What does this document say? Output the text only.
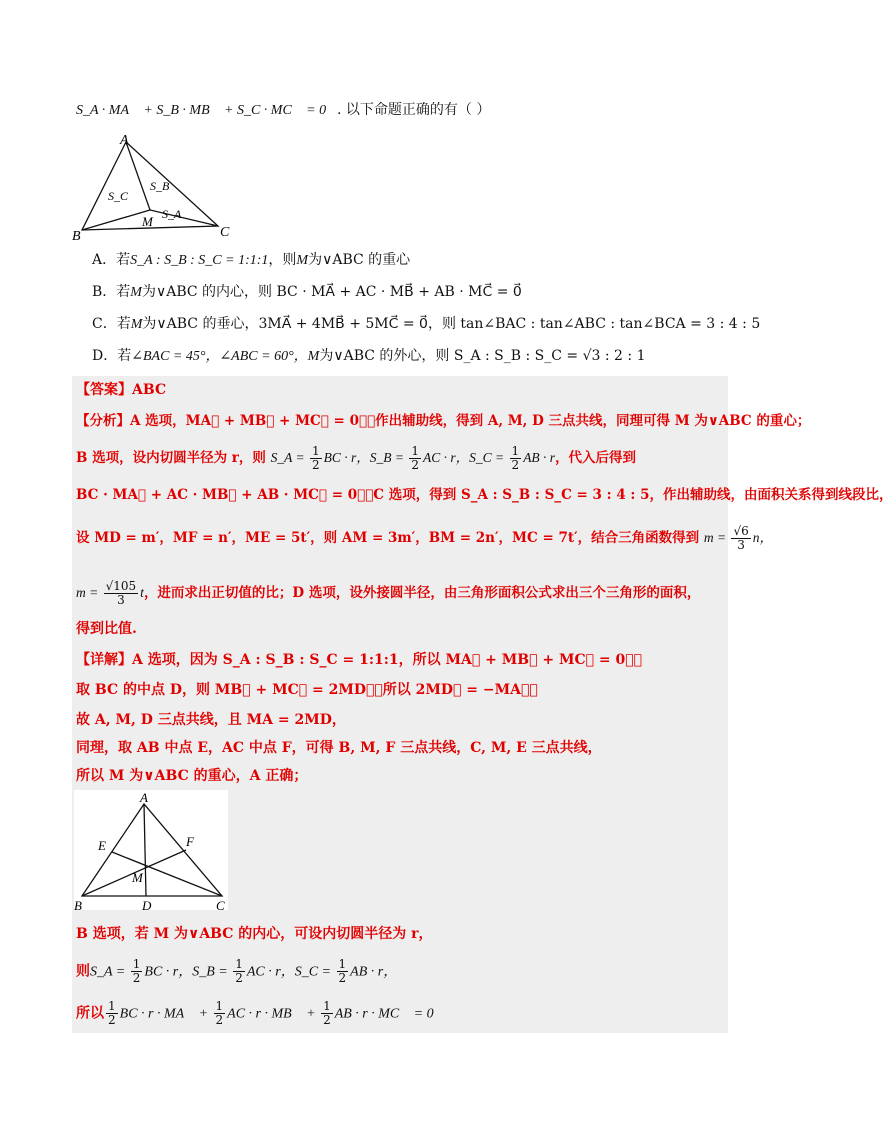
S_A · MA⃗ + S_B · MB⃗ + S_C · MC⃗ = 0⃗. 以下命题正确的有（ ）
A
B	C
M
S_B
S_C
S_A
A．若S_A : S_B : S_C = 1:1:1，则M为∨ABC 的重心
B．若M为∨ABC 的内心，则 BC · MA⃗ + AC · MB⃗ + AB · MC⃗ = 0⃗
C．若M为∨ABC 的垂心，3MA⃗ + 4MB⃗ + 5MC⃗ = 0⃗，则 tan∠BAC : tan∠ABC : tan∠BCA = 3 : 4 : 5
D．若∠BAC = 45°，∠ABC = 60°，M为∨ABC 的外心，则 S_A : S_B : S_C = √3 : 2 : 1
【答案】ABC
【分析】A 选项，MA⃗ + MB⃗ + MC⃗ = 0⃗，作出辅助线，得到 A, M, D 三点共线，同理可得 M 为∨ABC 的重心；
B 选项，设内切圆半径为 r，则 S_A = $\frac{1}{2}$ BC · r，S_B = $\frac{1}{2}$ AC · r，S_C = $\frac{1}{2}$ AB · r，代入后得到
BC · MA⃗ + AC · MB⃗ + AB · MC⃗ = 0⃗；C 选项，得到 S_A : S_B : S_C = 3 : 4 : 5，作出辅助线，由面积关系得到线段比，
设 MD = m′，MF = n′，ME = 5t′，则 AM = 3m′，BM = 2n′，MC = 7t′，结合三角函数得到 $m = \frac{√6}{3}$ n，
$m = \frac{√105}{3}$ t，进而求出正切值的比；D 选项，设外接圆半径，由三角形面积公式求出三个三角形的面积，
得到比值.
【详解】A 选项，因为 S_A : S_B : S_C = 1:1:1，所以 MA⃗ + MB⃗ + MC⃗ = 0⃗，
取 BC 的中点 D，则 MB⃗ + MC⃗ = 2MD⃗，所以 2MD⃗ = −MA⃗，
故 A, M, D 三点共线，且 MA = 2MD，
同理，取 AB 中点 E，AC 中点 F，可得 B, M, F 三点共线，C, M, E 三点共线，
所以 M 为∨ABC 的重心，A 正确；
A
B	C
D
E	F
M
B 选项，若 M 为∨ABC 的内心，可设内切圆半径为 r，
则S_A = $\frac{1}{2}$ BC · r，S_B = $\frac{1}{2}$ AC · r，S_C = $\frac{1}{2}$ AB · r，
所以 $\frac{1}{2}$ BC · r · MA⃗ + $\frac{1}{2}$ AC · r · MB⃗ + $\frac{1}{2}$ AB · r · MC⃗ = 0⃗，
